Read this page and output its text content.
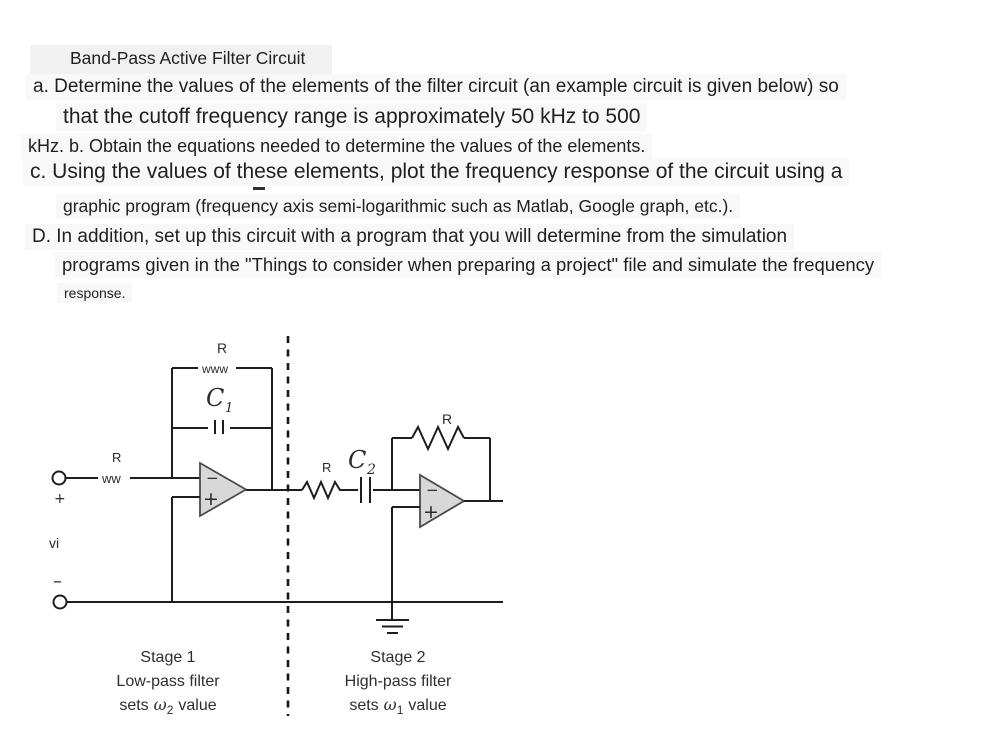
Band-Pass Active Filter Circuit
a. Determine the values of the elements of the filter circuit (an example circuit is given below) so
that the cutoff frequency range is approximately 50 kHz to 500
kHz. b. Obtain the equations needed to determine the values of the elements.
c. Using the values of these elements, plot the frequency response of the circuit using a
graphic program (frequency axis semi-logarithmic such as Matlab, Google graph, etc.).
D. In addition, set up this circuit with a program that you will determine from the simulation
programs given in the "Things to consider when preparing a project" file and simulate the frequency
response.
+
vi
–
R
ww
R
www
C 1
−
+
R C 2
R
−
+
Stage 1
Low-pass filter
sets $\omega_2$ value
Stage 2
High-pass filter
sets $\omega_1$ value
